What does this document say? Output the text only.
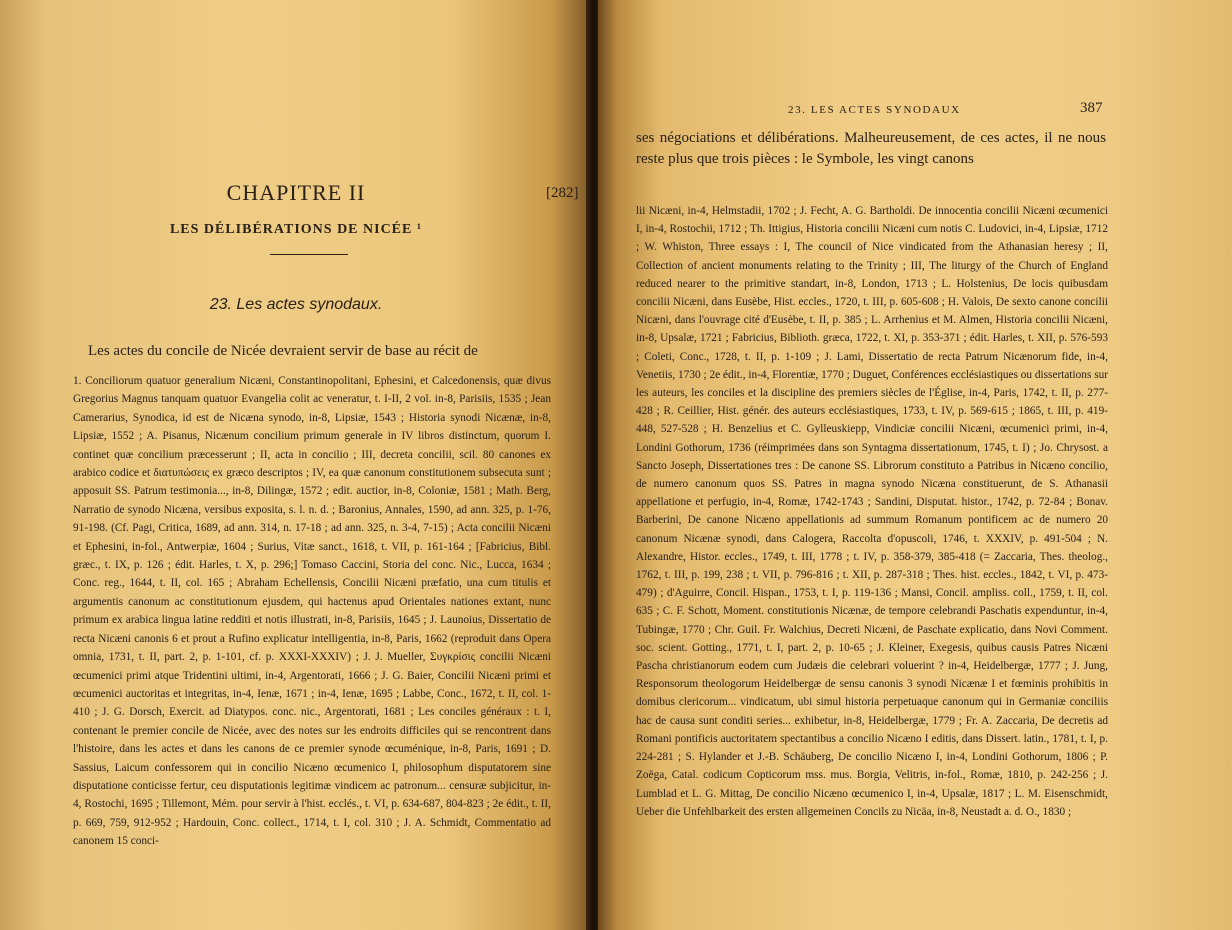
CHAPITRE II	[282]
LES DÉLIBÉRATIONS DE NICÉE ¹
23. Les actes synodaux.

Les actes du concile de Nicée devraient servir de base au récit de

1. Conciliorum quatuor generalium Nicæni, Constantinopolitani, Ephesini, et Calcedonensis, quæ divus Gregorius Magnus tanquam quatuor Evangelia colit ac veneratur, t. I-II, 2 vol. in-8, Parisiis, 1535 ; Jean Camerarius, Synodica, id est de Nicæna synodo, in-8, Lipsiæ, 1543 ; Historia synodi Nicænæ, in-8, Lipsiæ, 1552 ; A. Pisanus, Nicænum concilium primum generale in IV libros distinctum, quorum I. continet quæ concilium præcesserunt ; II, acta in concilio ; III, decreta concilii, scil. 80 canones ex arabico codice et διατυπώσεις ex græco descriptos ; IV, ea quæ canonum constitutionem subsecuta sunt ; apposuit SS. Patrum testimonia..., in-8, Dilingæ, 1572 ; edit. auctior, in-8, Coloniæ, 1581 ; Math. Berg, Narratio de synodo Nicæna, versibus exposita, s. l. n. d. ; Baronius, Annales, 1590, ad ann. 325, p. 1-76, 91-198. (Cf. Pagi, Critica, 1689, ad ann. 314, n. 17-18 ; ad ann. 325, n. 3-4, 7-15) ; Acta concilii Nicæni et Ephesini, in-fol., Antwerpiæ, 1604 ; Surius, Vitæ sanct., 1618, t. VII, p. 161-164 ; [Fabricius, Bibl. græc., t. IX, p. 126 ; édit. Harles, t. X, p. 296;] Tomaso Caccini, Storia del conc. Nic., Lucca, 1634 ; Conc. reg., 1644, t. II, col. 165 ; Abraham Echellensis, Concilii Nicæni præfatio, una cum titulis et argumentis canonum ac constitutionum ejusdem, qui hactenus apud Orientales nationes extant, nunc primum ex arabica lingua latine redditi et notis illustrati, in-8, Parisiis, 1645 ; J. Launoius, Dissertatio de recta Nicæni canonis 6 et prout a Rufino explicatur intelligentia, in-8, Paris, 1662 (reproduit dans Opera omnia, 1731, t. II, part. 2, p. 1-101, cf. p. XXXI-XXXIV) ; J. J. Mueller, Συγκρίσις concilii Nicæni œcumenici primi atque Tridentini ultimi, in-4, Argentorati, 1666 ; J. G. Baier, Concilii Nicæni primi et œcumenici auctoritas et integritas, in-4, Ienæ, 1671 ; in-4, Ienæ, 1695 ; Labbe, Conc., 1672, t. II, col. 1-410 ; J. G. Dorsch, Exercit. ad Diatypos. conc. nic., Argentorati, 1681 ; Les conciles généraux : t. I, contenant le premier concile de Nicée, avec des notes sur les endroits difficiles qui se rencontrent dans l'histoire, dans les actes et dans les canons de ce premier synode œcuménique, in-8, Paris, 1691 ; D. Sassius, Laicum confessorem qui in concilio Nicæno œcumenico I, philosophum disputatorem sine disputatione conticisse fertur, ceu disputationis legitimæ vindicem ac patronum... censuræ subjicitur, in-4, Rostochi, 1695 ; Tillemont, Mém. pour servir à l'hist. ecclés., t. VI, p. 634-687, 804-823 ; 2e édit., t. II, p. 669, 759, 912-952 ; Hardouin, Conc. collect., 1714, t. I, col. 310 ; J. A. Schmidt, Commentatio ad canonem 15 conci-

23. LES ACTES SYNODAUX	387

ses négociations et délibérations. Malheureusement, de ces actes, il ne nous reste plus que trois pièces : le Symbole, les vingt canons

lii Nicæni, in-4, Helmstadii, 1702 ; J. Fecht, A. G. Bartholdi. De innocentia concilii Nicæni œcumenici I, in-4, Rostochii, 1712 ; Th. Ittigius, Historia concilii Nicæni cum notis C. Ludovici, in-4, Lipsiæ, 1712 ; W. Whiston, Three essays : I, The council of Nice vindicated from the Athanasian heresy ; II, Collection of ancient monuments relating to the Trinity ; III, The liturgy of the Church of England reduced nearer to the primitive standart, in-8, London, 1713 ; L. Holstenius, De locis quibusdam concilii Nicæni, dans Eusèbe, Hist. eccles., 1720, t. III, p. 605-608 ; H. Valois, De sexto canone concilii Nicæni, dans l'ouvrage cité d'Eusèbe, t. II, p. 385 ; L. Arrhenius et M. Almen, Historia concilii Nicæni, in-8, Upsalæ, 1721 ; Fabricius, Biblioth. græca, 1722, t. XI, p. 353-371 ; édit. Harles, t. XII, p. 576-593 ; Coleti, Conc., 1728, t. II, p. 1-109 ; J. Lami, Dissertatio de recta Patrum Nicænorum fide, in-4, Venetiis, 1730 ; 2e édit., in-4, Florentiæ, 1770 ; Duguet, Conférences ecclésiastiques ou dissertations sur les auteurs, les conciles et la discipline des premiers siècles de l'Église, in-4, Paris, 1742, t. II, p. 277-428 ; R. Ceillier, Hist. génér. des auteurs ecclésiastiques, 1733, t. IV, p. 569-615 ; 1865, t. III, p. 419-448, 527-528 ; H. Benzelius et C. Gylleuskiepp, Vindiciæ concilii Nicæni, œcumenici primi, in-4, Londini Gothorum, 1736 (réimprimées dans son Syntagma dissertationum, 1745, t. I) ; Jo. Chrysost. a Sancto Joseph, Dissertationes tres : De canone SS. Librorum constituto a Patribus in Nicæno concilio, de numero canonum quos SS. Patres in magna synodo Nicæna constituerunt, de S. Athanasii appellatione et perfugio, in-4, Romæ, 1742-1743 ; Sandini, Disputat. histor., 1742, p. 72-84 ; Bonav. Barberini, De canone Nicæno appellationis ad summum Romanum pontificem ac de numero 20 canonum Nicænæ synodi, dans Calogera, Raccolta d'opuscoli, 1746, t. XXXIV, p. 491-504 ; N. Alexandre, Histor. eccles., 1749, t. III, 1778 ; t. IV, p. 358-379, 385-418 (= Zaccaria, Thes. theolog., 1762, t. III, p. 199, 238 ; t. VII, p. 796-816 ; t. XII, p. 287-318 ; Thes. hist. eccles., 1842, t. VI, p. 473-479) ; d'Aguirre, Concil. Hispan., 1753, t. I, p. 119-136 ; Mansi, Concil. ampliss. coll., 1759, t. II, col. 635 ; C. F. Schott, Moment. constitutionis Nicænæ, de tempore celebrandi Paschatis expenduntur, in-4, Tubingæ, 1770 ; Chr. Guil. Fr. Walchius, Decreti Nicæni, de Paschate explicatio, dans Novi Comment. soc. scient. Gotting., 1771, t. I, part. 2, p. 10-65 ; J. Kleiner, Exegesis, quibus causis Patres Nicæni Pascha christianorum eodem cum Judæis die celebrari voluerint ? in-4, Heidelbergæ, 1777 ; J. Jung, Responsorum theologorum Heidelbergæ de sensu canonis 3 synodi Nicænæ I et fœminis prohibitis in domibus clericorum... vindicatum, ubi simul historia perpetuaque canonum qui in Germaniæ conciliis hac de causa sunt conditi series... exhibetur, in-8, Heidelbergæ, 1779 ; Fr. A. Zaccaria, De decretis ad Romani pontificis auctoritatem spectantibus a concilio Nicæno I editis, dans Dissert. latin., 1781, t. I, p. 224-281 ; S. Hylander et J.-B. Schäuberg, De concilio Nicæno I, in-4, Londini Gothorum, 1806 ; P. Zoëga, Catal. codicum Copticorum mss. mus. Borgia, Velitris, in-fol., Romæ, 1810, p. 242-256 ; J. Lumblad et L. G. Mittag, De concilio Nicæno œcumenico I, in-4, Upsalæ, 1817 ; L. M. Eisenschmidt, Ueber die Unfehlbarkeit des ersten allgemeinen Concils zu Nicäa, in-8, Neustadt a. d. O., 1830 ;
